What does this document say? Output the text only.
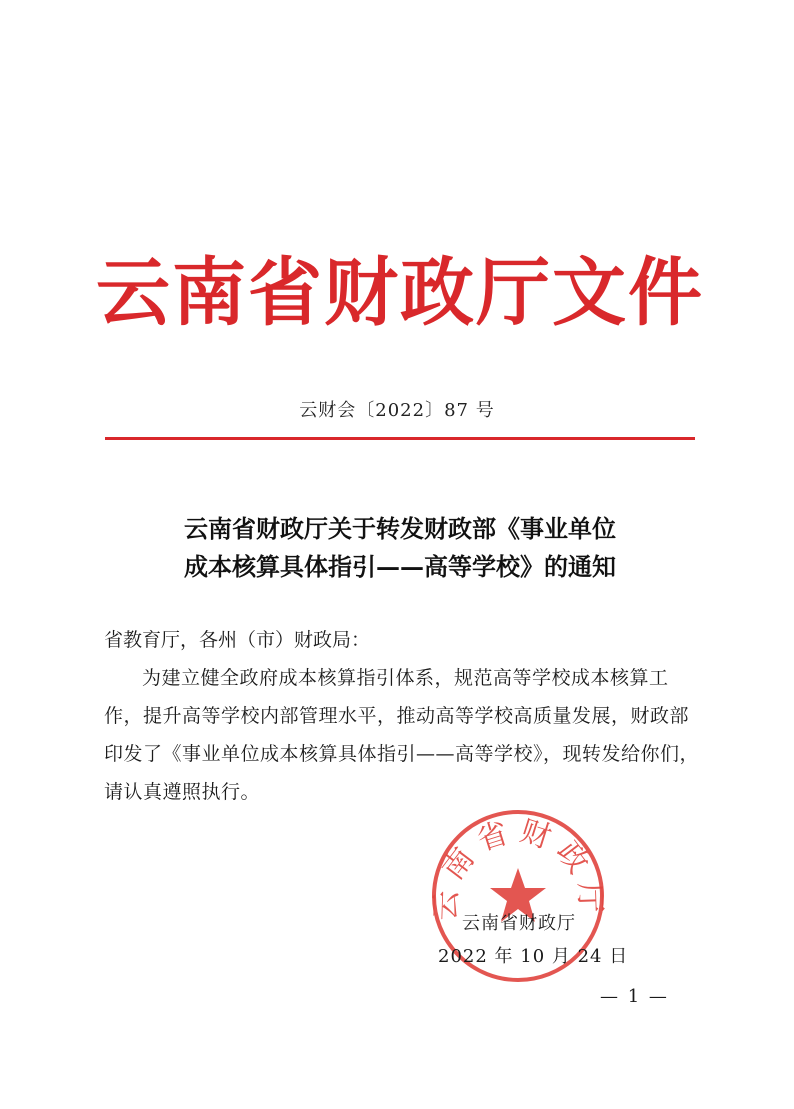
云南省财政厅文件
云财会〔2022〕87 号
云南省财政厅关于转发财政部《事业单位
成本核算具体指引——高等学校》的通知
省教育厅，各州（市）财政局：
为建立健全政府成本核算指引体系，规范高等学校成本核算工作，提升高等学校内部管理水平，推动高等学校高质量发展，财政部印发了《事业单位成本核算具体指引——高等学校》，现转发给你们，请认真遵照执行。
云南省财政厅
云南省财政厅
2022 年 10 月 24 日
— 1 —
